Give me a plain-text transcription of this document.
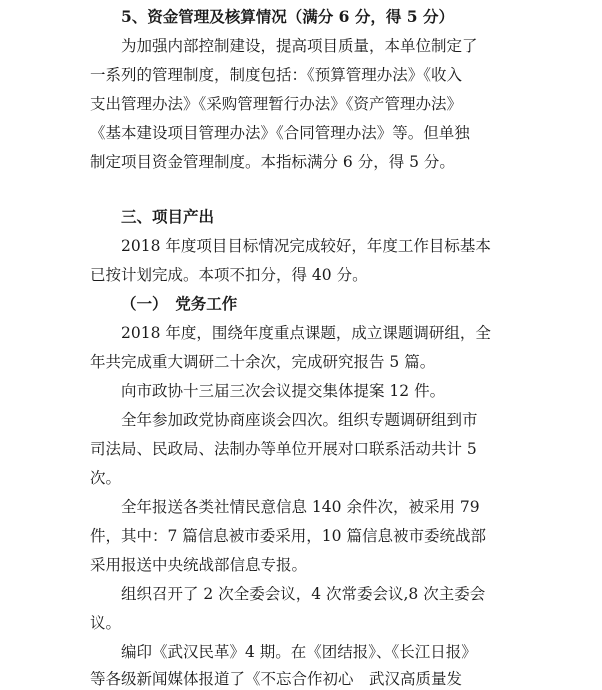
5、资金管理及核算情况（满分 6 分，得 5 分）
为加强内部控制建设，提高项目质量，本单位制定了
一系列的管理制度，制度包括：《预算管理办法》《收入
支出管理办法》《采购管理暂行办法》《资产管理办法》
《基本建设项目管理办法》《合同管理办法》等。但单独
制定项目资金管理制度。本指标满分 6 分，得 5 分。
三、项目产出
2018 年度项目目标情况完成较好，年度工作目标基本
已按计划完成。本项不扣分，得 40 分。
（一）　党务工作
2018 年度，围绕年度重点课题，成立课题调研组，全
年共完成重大调研二十余次，完成研究报告 5 篇。
向市政协十三届三次会议提交集体提案 12 件。
全年参加政党协商座谈会四次。组织专题调研组到市
司法局、民政局、法制办等单位开展对口联系活动共计 5
次。
全年报送各类社情民意信息 140 余件次，被采用 79
件，其中：7 篇信息被市委采用，10 篇信息被市委统战部
采用报送中央统战部信息专报。
组织召开了 2 次全委会议，4 次常委会议,8 次主委会
议。
编印《武汉民革》4 期。在《团结报》、《长江日报》
等各级新闻媒体报道了《不忘合作初心　武汉高质量发
